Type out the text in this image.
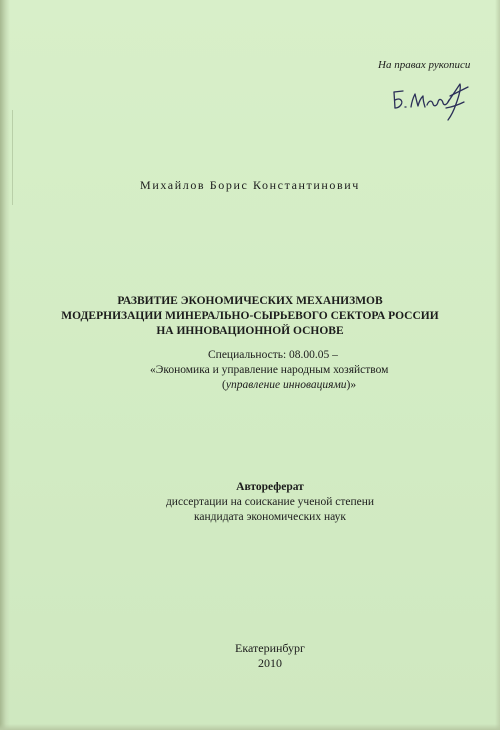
На правах рукописи
Михайлов Борис Константинович
РАЗВИТИЕ ЭКОНОМИЧЕСКИХ МЕХАНИЗМОВ
МОДЕРНИЗАЦИИ МИНЕРАЛЬНО-СЫРЬЕВОГО СЕКТОРА РОССИИ
НА ИННОВАЦИОННОЙ ОСНОВЕ
Специальность: 08.00.05 –
«Экономика и управление народным хозяйством
(управление инновациями)»
Автореферат
диссертации на соискание ученой степени
кандидата экономических наук
Екатеринбург
2010
